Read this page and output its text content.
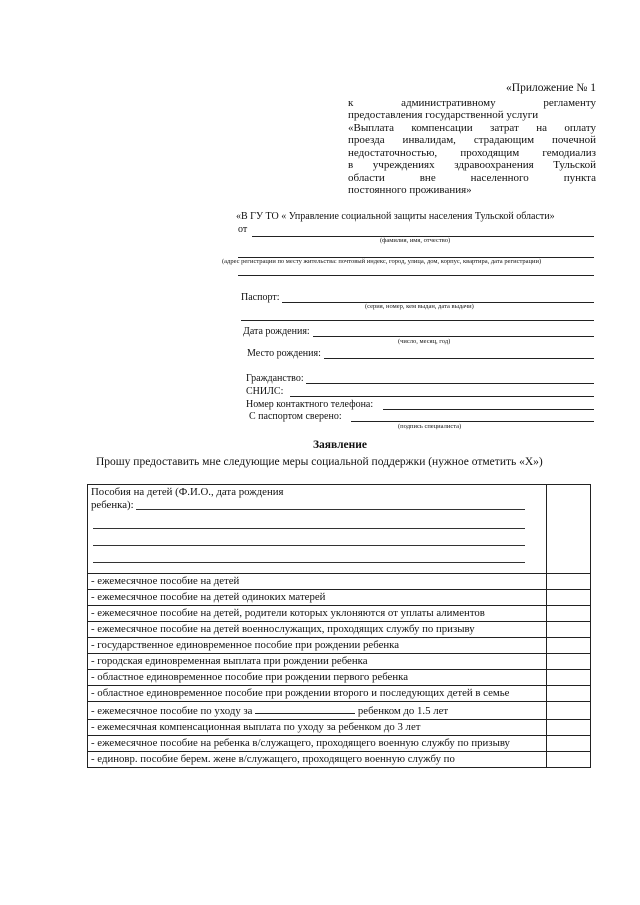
«Приложение № 1
к административному регламенту
предоставления государственной услуги
«Выплата компенсации затрат на оплату
проезда инвалидам, страдающим почечной
недостаточностью, проходящим гемодиализ
в учреждениях здравоохранения Тульской
области вне населенного пункта
постоянного проживания»
«В ГУ ТО « Управление социальной защиты населения Тульской области»
от
(фамилия, имя, отчество)
(адрес регистрации по месту жительства: почтовый индекс, город, улица, дом, корпус, квартира, дата регистрации)
Паспорт:
(серия, номер, кем выдан, дата выдачи)
Дата рождения:
(число, месяц, год)
Место рождения:
Гражданство:
СНИЛС:
Номер контактного телефона:
С паспортом сверено:
(подпись специалиста)
Заявление
Прошу предоставить мне следующие меры социальной поддержки (нужное отметить «Х»)
Пособия на детей (Ф.И.О., дата рождения
ребенка):	

- ежемесячное пособие на детей	
- ежемесячное пособие на детей одиноких матерей	
- ежемесячное пособие на детей, родители которых уклоняются от уплаты алиментов	
- ежемесячное пособие на детей военнослужащих, проходящих службу по призыву	
- государственное единовременное пособие при рождении ребенка	
- городская единовременная выплата при рождении ребенка	
- областное единовременное пособие при рождении первого ребенка	
- областное единовременное пособие при рождении второго и последующих детей в семье	
- ежемесячное пособие по уходу за ребенком до 1.5 лет	
- ежемесячная компенсационная выплата по уходу за ребенком до 3 лет	
- ежемесячное пособие на ребенка в/служащего, проходящего военную службу по призыву	
- единовр. пособие берем. жене в/служащего, проходящего военную службу по	
